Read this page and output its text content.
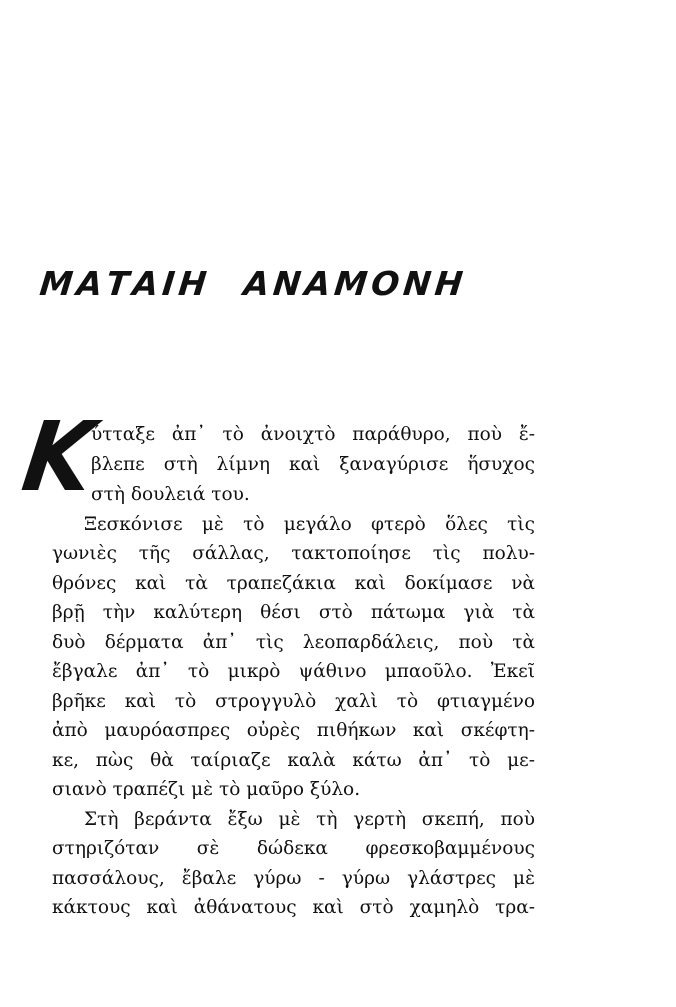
ΜΑΤΑΙΗ ΑΝΑΜΟΝΗ
Κ
ύτταξε ἀπ᾿ τὸ ἀνοιχτὸ παράθυρο, ποὺ ἔ-
βλεπε στὴ λίμνη καὶ ξαναγύρισε ἥσυχος
στὴ δουλειά του.
Ξεσκόνισε μὲ τὸ μεγάλο φτερὸ ὅλες τὶς
γωνιὲς τῆς σάλλας, τακτοποίησε τὶς πολυ-
θρόνες καὶ τὰ τραπεζάκια καὶ δοκίμασε νὰ
βρῇ τὴν καλύτερη θέσι στὸ πάτωμα γιὰ τὰ
δυὸ δέρματα ἀπ᾿ τὶς λεοπαρδάλεις, ποὺ τὰ
ἔβγαλε ἀπ᾿ τὸ μικρὸ ψάθινο μπαοῦλο. Ἐκεῖ
βρῆκε καὶ τὸ στρογγυλὸ χαλὶ τὸ φτιαγμένο
ἀπὸ μαυρόασπρες οὐρὲς πιθήκων καὶ σκέφτη-
κε, πὼς θὰ ταίριαζε καλὰ κάτω ἀπ᾿ τὸ με-
σιανὸ τραπέζι μὲ τὸ μαῦρο ξύλο.
Στὴ βεράντα ἔξω μὲ τὴ γερτὴ σκεπή, ποὺ
στηριζόταν σὲ δώδεκα φρεσκοβαμμένους
πασσάλους, ἔβαλε γύρω - γύρω γλάστρες μὲ
κάκτους καὶ ἀθάνατους καὶ στὸ χαμηλὸ τρα-
